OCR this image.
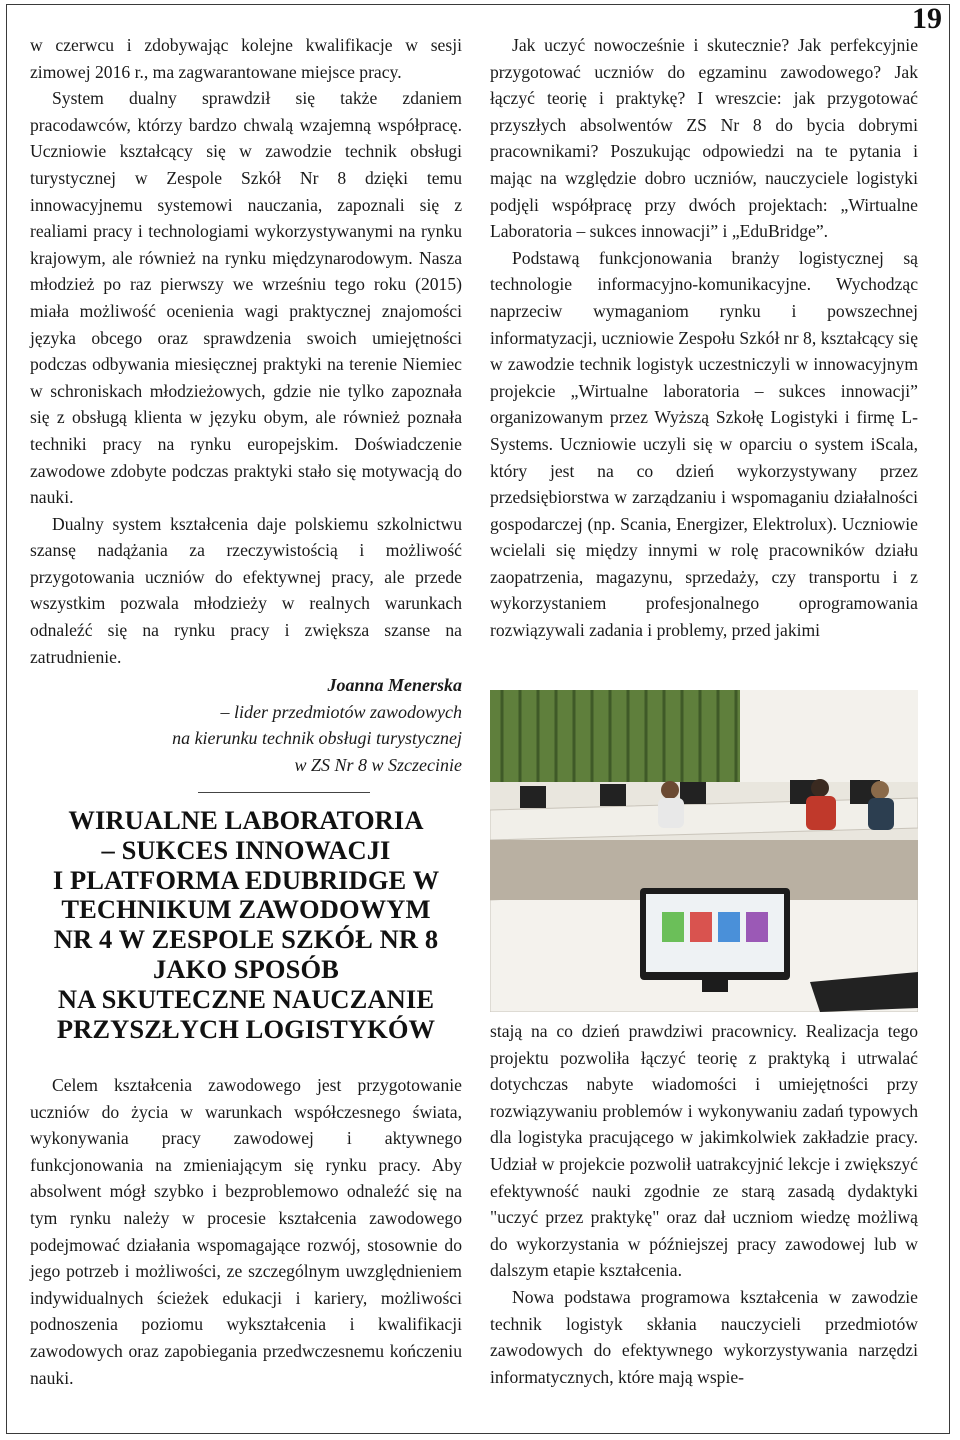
19

w czerwcu i zdobywając kolejne kwalifikacje w sesji zimowej 2016 r., ma zagwarantowane miejsce pracy.

System dualny sprawdził się także zdaniem pracodawców, którzy bardzo chwalą wzajemną współpracę. Uczniowie kształcący się w zawodzie technik obsługi turystycznej w Zespole Szkół Nr 8 dzięki temu innowacyjnemu systemowi nauczania, zapoznali się z realiami pracy i technologiami wykorzystywanymi na rynku krajowym, ale również na rynku międzynarodowym. Nasza młodzież po raz pierwszy we wrześniu tego roku (2015) miała możliwość ocenienia wagi praktycznej znajomości języka obcego oraz sprawdzenia swoich umiejętności podczas odbywania miesięcznej praktyki na terenie Niemiec w schroniskach młodzieżowych, gdzie nie tylko zapoznała się z obsługą klienta w języku obym, ale również poznała techniki pracy na rynku europejskim. Doświadczenie zawodowe zdobyte podczas praktyki stało się motywacją do nauki.

Dualny system kształcenia daje polskiemu szkolnictwu szansę nadążania za rzeczywistością i możliwość przygotowania uczniów do efektywnej pracy, ale przede wszystkim pozwala młodzieży w realnych warunkach odnaleźć się na rynku pracy i zwiększa szanse na zatrudnienie.

Joanna Menerska
– lider przedmiotów zawodowych
na kierunku technik obsługi turystycznej
w ZS Nr 8 w Szczecinie
WIRUALNE LABORATORIA
– SUKCES INNOWACJI
I PLATFORMA EDUBRIDGE W
TECHNIKUM ZAWODOWYM
NR 4 W ZESPOLE SZKÓŁ NR 8
JAKO SPOSÓB
NA SKUTECZNE NAUCZANIE
PRZYSZŁYCH LOGISTYKÓW

Celem kształcenia zawodowego jest przygotowanie uczniów do życia w warunkach współczesnego świata, wykonywania pracy zawodowej i aktywnego funkcjonowania na zmieniającym się rynku pracy. Aby absolwent mógł szybko i bezproblemowo odnaleźć się na tym rynku należy w procesie kształcenia zawodowego podejmować działania wspomagające rozwój, stosownie do jego potrzeb i możliwości, ze szczególnym uwzględnieniem indywidualnych ścieżek edukacji i kariery, możliwości podnoszenia poziomu wykształcenia i kwalifikacji zawodowych oraz zapobiegania przedwczesnemu kończeniu nauki.

Jak uczyć nowocześnie i skutecznie? Jak perfekcyjnie przygotować uczniów do egzaminu zawodowego? Jak łączyć teorię i praktykę? I wreszcie: jak przygotować przyszłych absolwentów ZS Nr 8 do bycia dobrymi pracownikami? Poszukując odpowiedzi na te pytania i mając na względzie dobro uczniów, nauczyciele logistyki podjęli współpracę przy dwóch projektach: „Wirtualne Laboratoria – sukces innowacji” i „EduBridge”.

Podstawą funkcjonowania branży logistycznej są technologie informacyjno-komunikacyjne. Wychodząc naprzeciw wymaganiom rynku i powszechnej informatyzacji, uczniowie Zespołu Szkół nr 8, kształcący się w zawodzie technik logistyk uczestniczyli w innowacyjnym projekcie „Wirtualne laboratoria – sukces innowacji” organizowanym przez Wyższą Szkołę Logistyki i firmę L-Systems. Uczniowie uczyli się w oparciu o system iScala, który jest na co dzień wykorzystywany przez przedsiębiorstwa w zarządzaniu i wspomaganiu działalności gospodarczej (np. Scania, Energizer, Elektrolux). Uczniowie wcielali się między innymi w rolę pracowników działu zaopatrzenia, magazynu, sprzedaży, czy transportu i z wykorzystaniem profesjonalnego oprogramowania rozwiązywali zadania i problemy, przed jakimi

stają na co dzień prawdziwi pracownicy. Realizacja tego projektu pozwoliła łączyć teorię z praktyką i utrwalać dotychczas nabyte wiadomości i umiejętności przy rozwiązywaniu problemów i wykonywaniu zadań typowych dla logistyka pracującego w jakimkolwiek zakładzie pracy. Udział w projekcie pozwolił uatrakcyjnić lekcje i zwiększyć efektywność nauki zgodnie ze starą zasadą dydaktyki "uczyć przez praktykę" oraz dał uczniom wiedzę możliwą do wykorzystania w późniejszej pracy zawodowej lub w dalszym etapie kształcenia.

Nowa podstawa programowa kształcenia w zawodzie technik logistyk skłania nauczycieli przedmiotów zawodowych do efektywnego wykorzystywania narzędzi informatycznych, które mają wspie-
